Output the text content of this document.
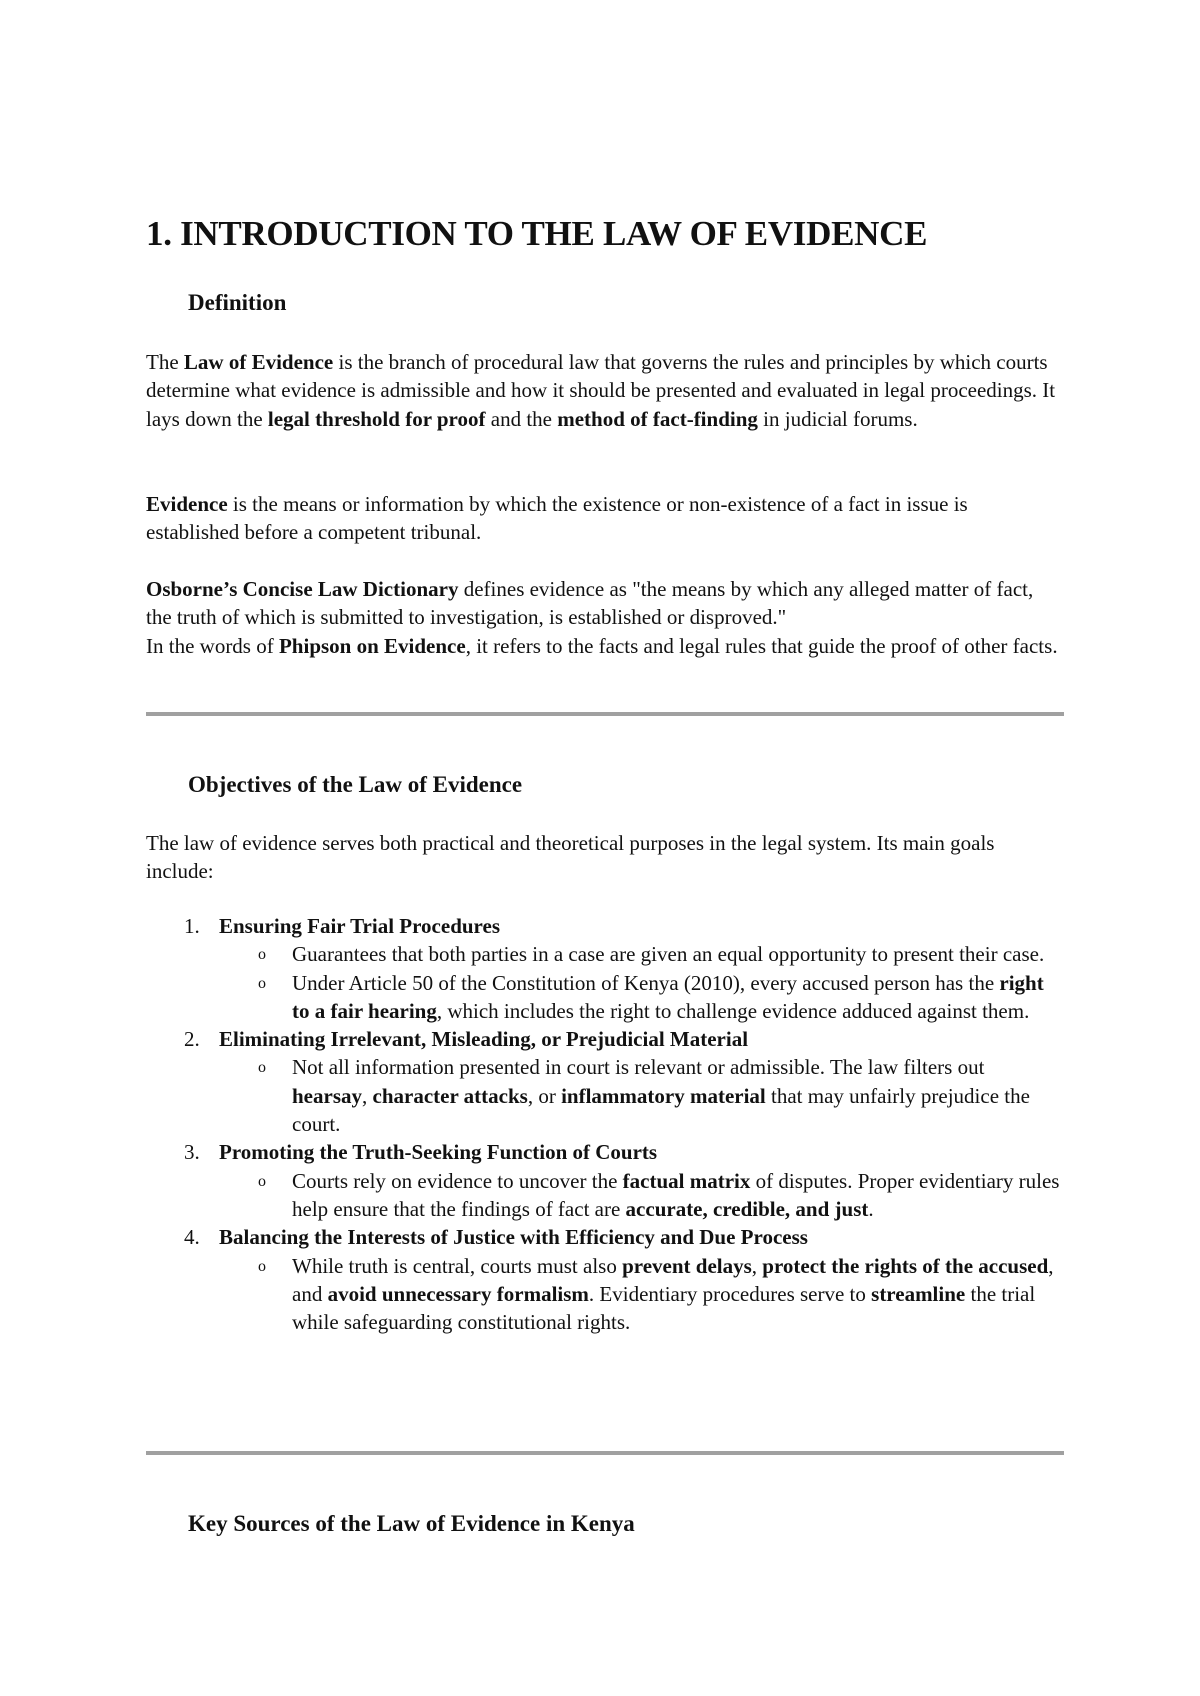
1. INTRODUCTION TO THE LAW OF EVIDENCE
Definition

The Law of Evidence is the branch of procedural law that governs the rules and principles by which courts determine what evidence is admissible and how it should be presented and evaluated in legal proceedings. It lays down the legal threshold for proof and the method of fact-finding in judicial forums.

Evidence is the means or information by which the existence or non-existence of a fact in issue is established before a competent tribunal.

Osborne’s Concise Law Dictionary defines evidence as "the means by which any alleged matter of fact, the truth of which is submitted to investigation, is established or disproved."
In the words of Phipson on Evidence, it refers to the facts and legal rules that guide the proof of other facts.

Objectives of the Law of Evidence

The law of evidence serves both practical and theoretical purposes in the legal system. Its main goals include:

1. Ensuring Fair Trial Procedures
o Guarantees that both parties in a case are given an equal opportunity to present their case.
o Under Article 50 of the Constitution of Kenya (2010), every accused person has the right to a fair hearing, which includes the right to challenge evidence adduced against them.
2. Eliminating Irrelevant, Misleading, or Prejudicial Material
o Not all information presented in court is relevant or admissible. The law filters out hearsay, character attacks, or inflammatory material that may unfairly prejudice the court.
3. Promoting the Truth-Seeking Function of Courts
o Courts rely on evidence to uncover the factual matrix of disputes. Proper evidentiary rules help ensure that the findings of fact are accurate, credible, and just.
4. Balancing the Interests of Justice with Efficiency and Due Process
o While truth is central, courts must also prevent delays, protect the rights of the accused, and avoid unnecessary formalism. Evidentiary procedures serve to streamline the trial while safeguarding constitutional rights.
Key Sources of the Law of Evidence in Kenya
